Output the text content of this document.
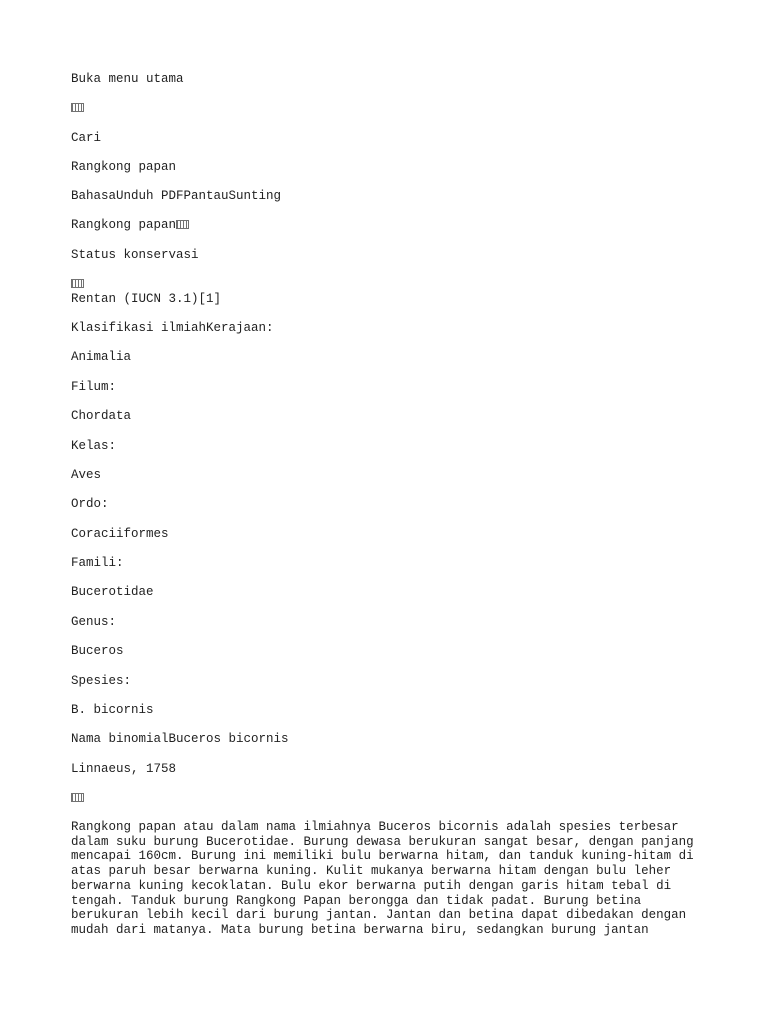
Buka menu utama
Cari
Rangkong papan
BahasaUnduh PDFPantauSunting
Rangkong papan
Status konservasi
Rentan (IUCN 3.1)[1]
Klasifikasi ilmiahKerajaan:
Animalia
Filum:
Chordata
Kelas:
Aves
Ordo:
Coraciiformes
Famili:
Bucerotidae
Genus:
Buceros
Spesies:
B. bicornis
Nama binomialBuceros bicornis
Linnaeus, 1758
Rangkong papan atau dalam nama ilmiahnya Buceros bicornis adalah spesies terbesar dalam suku burung Bucerotidae. Burung dewasa berukuran sangat besar, dengan panjang mencapai 160cm. Burung ini memiliki bulu berwarna hitam, dan tanduk kuning-hitam di atas paruh besar berwarna kuning. Kulit mukanya berwarna hitam dengan bulu leher berwarna kuning kecoklatan. Bulu ekor berwarna putih dengan garis hitam tebal di tengah. Tanduk burung Rangkong Papan berongga dan tidak padat. Burung betina berukuran lebih kecil dari burung jantan. Jantan dan betina dapat dibedakan dengan mudah dari matanya. Mata burung betina berwarna biru, sedangkan burung jantan
